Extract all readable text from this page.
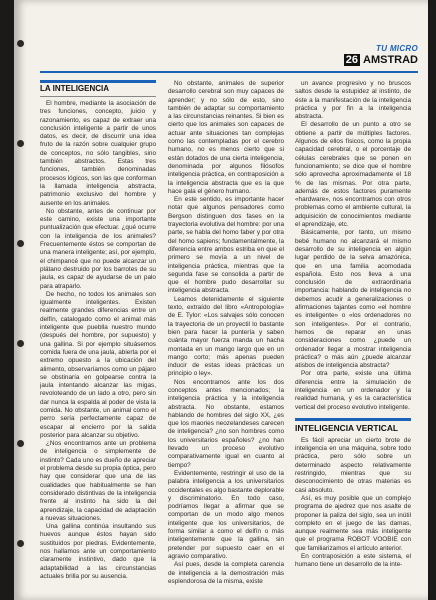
TU MICRO
26 AMSTRAD
LA INTELIGENCIA

El hombre, mediante la asociación de tres funciones, concepto, juicio y razonamiento, es capaz de extraer una conclusión inteligente a partir de unos datos, es decir, de discurrir una idea fruto de la razón sobre cualquier grupo de conceptos, no sólo tangibles, sino también abstractos. Estas tres funciones, también denominadas procesos lógicos, son las que conforman la llamada inteligencia abstracta, patrimonio exclusivo del hombre y ausente en los animales.

No obstante, antes de continuar por este camino, existe una importante puntualización que efectuar. ¿qué ocurre con la inteligencia de los animales? Frecuentemente éstos se comportan de una manera inteligente; así, por ejemplo, el chimpancé que no puede alcanzar un plátano destruido por los barrotes de su jaula, es capaz de ayudarse de un palo para atraparlo.

De hecho, no todos los animales son igualmente inteligentes. Existen realmente grandes diferencias entre un delfín, catalogado como el animal más inteligente que pueblla nuestro mundo (después del hombre, por supuesto) y una gallina. Si por ejemplo situásemos comida fuera de una jaula, abierta por el extremo opuesto a la ubicación del alimento, observaríamos como un pájaro se obstinaría en golpearse contra la jaula intentando alcanzar las migas, revoloteando de un lado a otro, pero sin dar nunca la espalda al poder de vista la comida. No obstante, un animal como el perro sería perfectamente capaz de escapar al encierro por la salida posterior para alcanzar su objetivo.

¿Nos encontramos ante un problema de inteligencia o simplemente de instinto? Cada uno es dueño de apreciar el problema desde su propia óptica, pero hay que considerar que una de las cualidades que habitualmente se han considerado distintivas de la inteligencia frente al instinto ha sido la del aprendizaje, la capacidad de adaptación a nuevas situaciones.

Una gallina continúa insultando sus huevos aunque éstos hayan sido sustituidos por piedras. Evidentemente, nos hallamos ante un comportamiento claramente instintivo, dado que la adaptabilidad a las circunstancias actuales brilla por su ausencia.

No obstante, animales de superior desarrollo cerebral son muy capaces de aprender; y no sólo de esto, sino también de adaptar su comportamiento a las circunstancias reinantes. Si bien es cierto que los animales son capaces de actuar ante situaciones tan complejas como las contempladas por el cerebro humano, no es menos cierto que si están dotados de una cierta inteligencia, denominada por algunos filósofos inteligencia práctica, en contraposición a la inteligencia abstracta que es la que hace gala el género humano.

En este sentido, es importante hacer notar que algunos pensadores como Bergson distinguen dos fases en la trayectoria evolutiva del hombre: por una parte, se habla del homo faber y por otra del homo sapiens; fundamentalmente, la diferencia entre ambos estriba en que el primero se movía a un nivel de inteligencia práctica, mientras que la segunda fase se consolida a partir de que el hombre pudo desarrollar su inteligencia abstracta.

Leamos detenidamente el siguiente texto, extraído del libro «Antropología» de E. Tylor: «Los salvajes sólo conocen la trayectoria de un proyectil lo bastante bien para hacer la puntería y saben cuánta mayor fuerza manda un hacha montada en un mango largo que en un mango corto; más apenas pueden inducir de estas ideas prácticas un principio o ley».

Nos encontramos ante los dos conceptos antes mencionados; la inteligencia práctica y la inteligencia abstracta. No obstante, estamos hablando de hombres del siglo XX, ¿es que los maories neozelandeses carecen de inteligencia? ¿no son hombres como los universitarios españoles? ¿no han llevado un proceso evolutivo comparativamente igual en cuanto al tiempo?

Evidentemente, restringir el uso de la palabra inteligencia a los universitarios occidentales es algo bastante deplorable y discriminatorio. En todo caso, podríamos llegar a afirmar que se comportan de un modo algo menos inteligente que los universitarios, de forma similar a como el delfín o más inteligentemente que la gallina, sin pretender por supuesto caer en el agravio comparativo.

Así pues, desde la completa carencia de inteligencia a la demostración más esplendorosa de la misma, existe

un avance progresivo y no bruscos saltos desde la estupidez al instinto, de éste a la manifestación de la inteligencia práctica y por fin a la inteligencia abstracta.

El desarrollo de un punto a otro se obtiene a partir de múltiples factores. Algunos de ellos físicos, como la propia capacidad cerebral, o el porcentaje de células cerebrales que se ponen en funcionamiento; se dice que el hombre sólo aprovecha aproximadamente el 18 % de las mismas. Por otra parte, además de estos factores puramente «hardware», nos encontramos con otros problemas como el ambiente cultural, la adquisición de conocimientos mediante el aprendizaje, etc.

Básicamente, por tanto, un mismo bebé humano no alcanzará el mismo desarrollo de su inteligencia en algún lugar perdido de la selva amazónica, que en una familia acomodada española. Esto nos lleva a una conclusión de extraordinaria importancia: hablando de inteligencia no debemos acudir a generalizaciones o afirmaciones tajantes como «el hombre es inteligente» o «los ordenadores no son inteligentes». Por el contrario, hemos de reparar en unas consideraciones como ¿puede un ordenador llegar a mostrar inteligencia práctica? o más aún ¿puede alcanzar atisbos de inteligencia abstracta?

Por otra parte, existe una última diferencia entre la simulación de inteligencia en un ordenador y la realidad humana, y es la característica vertical del proceso evolutivo inteligente.

INTELIGENCIA VERTICAL

Es fácil apreciar un cierto brote de inteligencia en una máquina, sobre todo práctica, pero sólo sobre un determinado aspecto relativamente restringido, mientras que su desconocimiento de otras materias es casi absoluto.

Así, es muy posible que un complejo programa de ajedrez que nos asalte de proponer la paliza del siglo, sea un inútil completo en el juego de las damas, aunque realmente sea más inteligente que el programa ROBOT VOOBIE con que familiarizamos el artículo anterior.

En contraposición a este sistema, el humano tiene un desarrollo de la inte-
